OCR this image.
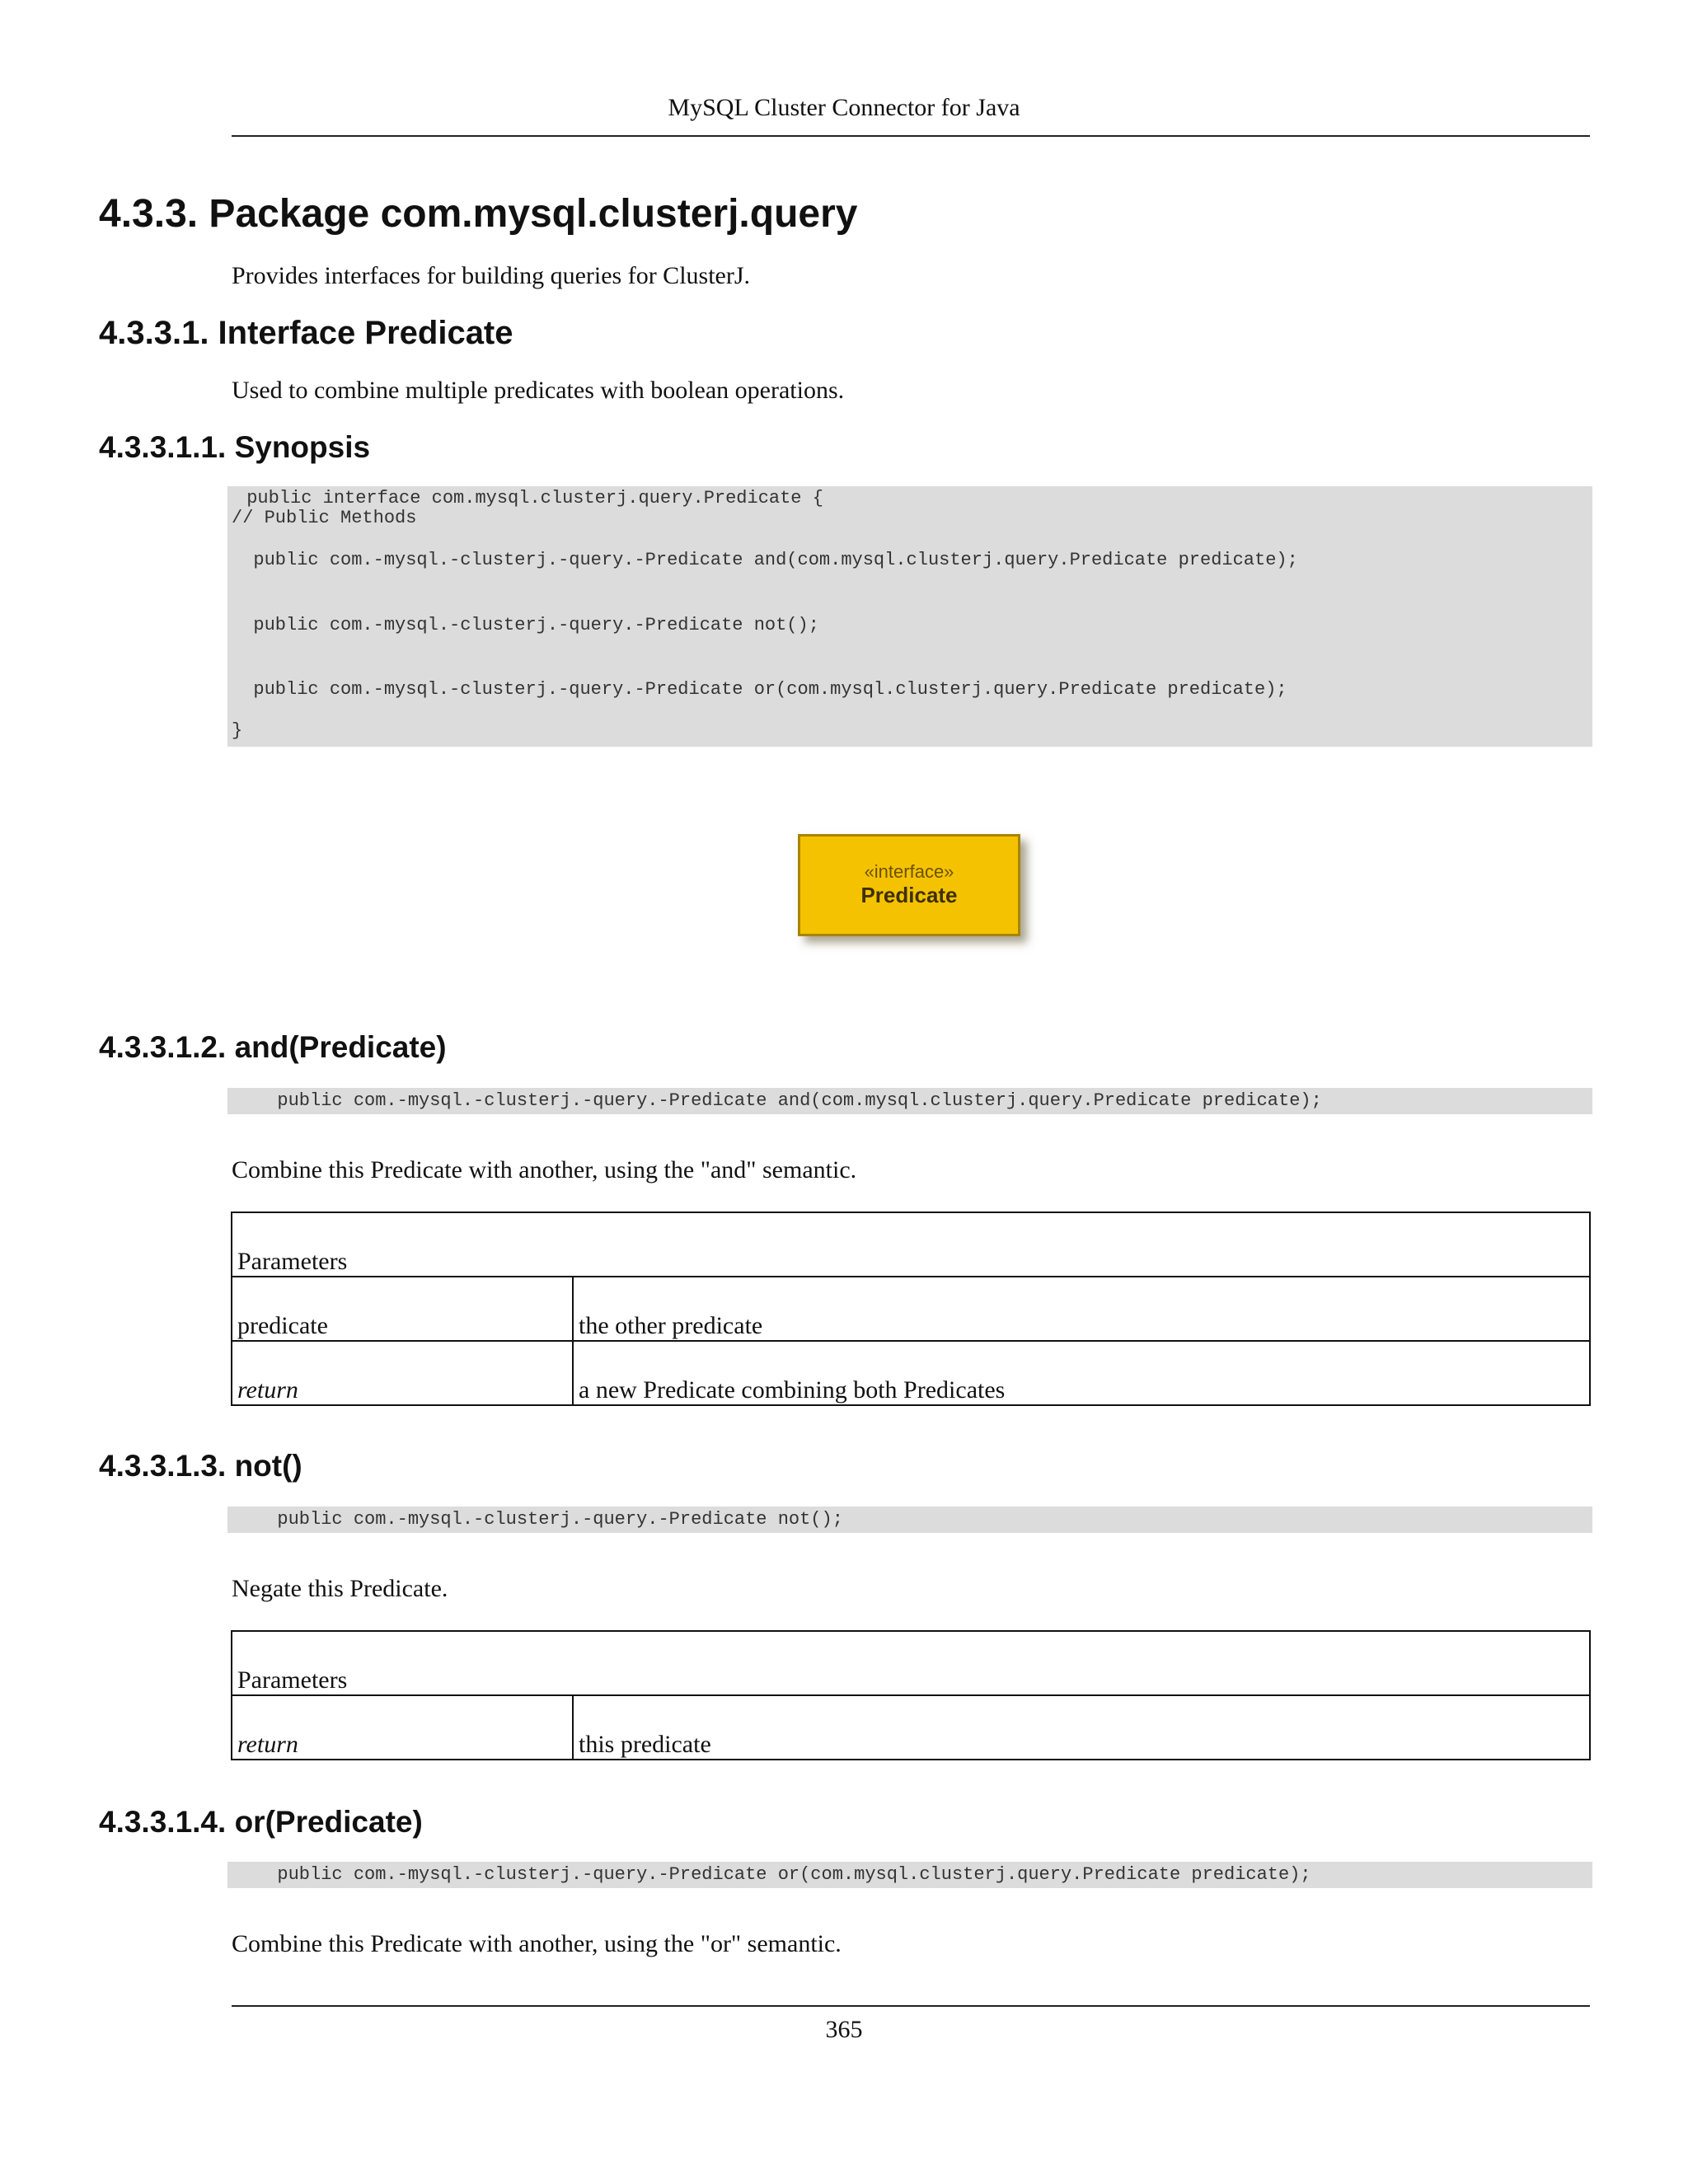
MySQL Cluster Connector for Java
4.3.3. Package com.mysql.clusterj.query

Provides interfaces for building queries for ClusterJ.

4.3.3.1. Interface Predicate

Used to combine multiple predicates with boolean operations.

4.3.3.1.1. Synopsis

public interface com.mysql.clusterj.query.Predicate {

// Public Methods

public com.-mysql.-clusterj.-query.-Predicate and(com.mysql.clusterj.query.Predicate predicate);

public com.-mysql.-clusterj.-query.-Predicate not();

public com.-mysql.-clusterj.-query.-Predicate or(com.mysql.clusterj.query.Predicate predicate);

}

«interface»
Predicate
4.3.3.1.2. and(Predicate)
public com.-mysql.-clusterj.-query.-Predicate and(com.mysql.clusterj.query.Predicate predicate);

Combine this Predicate with another, using the "and" semantic.

Parameters	
predicate	the other predicate
return	a new Predicate combining both Predicates
4.3.3.1.3. not()
public com.-mysql.-clusterj.-query.-Predicate not();

Negate this Predicate.

Parameters
return	this predicate
4.3.3.1.4. or(Predicate)
public com.-mysql.-clusterj.-query.-Predicate or(com.mysql.clusterj.query.Predicate predicate);

Combine this Predicate with another, using the "or" semantic.

365
